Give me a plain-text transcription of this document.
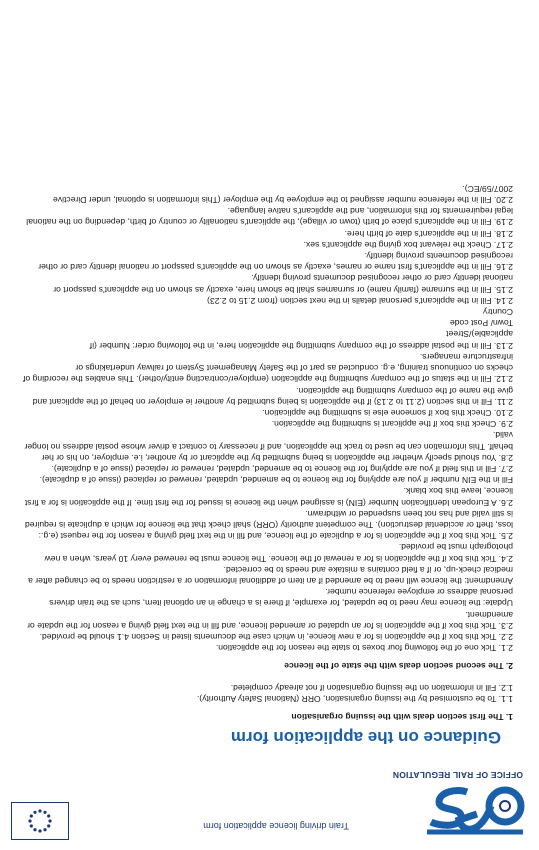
OFFICE OF RAIL REGULATION
Train driving licence application form
Guidance on the application form

1. The first section deals with the issuing organisation

1.1. To be customised by the issuing organisation, ORR (National Safety Authority).

1.2. Fill in information on the issuing organisation if not already completed.

2. The second section deals with the state of the licence

2.1. Tick one of the following four boxes to state the reason for the application.

2.2. Tick this box if the application is for a new licence, in which case the documents listed in Section 4.1 should be provided.

2.3. Tick this box if the application is for an updated or amended licence, and fill in the text field giving a reason for the update or amendment.

Update: the licence may need to be updated, for example, if there is a change in an optional item, such as the train drivers personal address or employee reference number.

Amendment: the licence will need to be amended if an item of additional information or a restriction needs to be changed after a medical check-up, or if a field contains a mistake and needs to be corrected.

2.4. Tick this box if the application is for a renewal of the licence. The licence must be renewed every 10 years, when a new photograph must be provided.

2.5. Tick this box if the application is for a duplicate of the licence, and fill in the text field giving a reason for the request (e.g.: loss, theft or accidental destruction). The competent authority (ORR) shall check that the licence for which a duplicate is required is still valid and has not been suspended or withdrawn.

2.6. A European Identification Number (EIN) is assigned when the licence is issued for the first time. If the application is for a first licence, leave this box blank.

Fill in the EIN number if you are applying for the licence to be amended, updated, renewed or replaced (issue of a duplicate).

2.7. Fill in this field if you are applying for the licence to be amended, updated, renewed or replaced (issue of a duplicate).

2.8. You should specify whether the application is being submitted by the applicant or by another, i.e. employer, on his or her behalf. This information can be used to track the application, and if necessary to contact a driver whose postal address no longer valid.

2.9. Check this box if the applicant is submitting the application.

2.10. Check this box if someone else is submitting the application.

2.11. Fill in this section (2.11 to 2.13) if the application is being submitted by another ie employer on behalf of the applicant and give the name of the company submitting the application.

2.12. Fill in the status of the company submitting the application (employer/contracting entity/other). This enables the recording of checks on continuous training, e.g. conducted as part of the Safety Management System of railway undertakings or infrastructure managers.

2.13. Fill in the postal address of the company submitting the application here, in the following order: Number (if applicable)/Street

Town/ Post code

Country

2.14. Fill in the applicant's personal details in the next section (from 2.15 to 2.23)

2.15. Fill in the surname (family name) or surnames shall be shown here, exactly as shown on the applicant's passport or national identity card or other recognised documents proving identify.

2.16. Fill in the applicant's first name or names, exactly as shown on the applicant's passport or national identity card or other recognised documents proving identify.

2.17. Check the relevant box giving the applicant's sex.

2.18. Fill in the applicant's date of birth here.

2.19. Fill in the applicant's place of birth (town or village), the applicant's nationality or country of birth, depending on the national legal requirements for this information, and the applicant's native language.

2.20. Fill in the reference number assigned to the employee by the employer (This information is optional, under Directive 2007/59/EC).
